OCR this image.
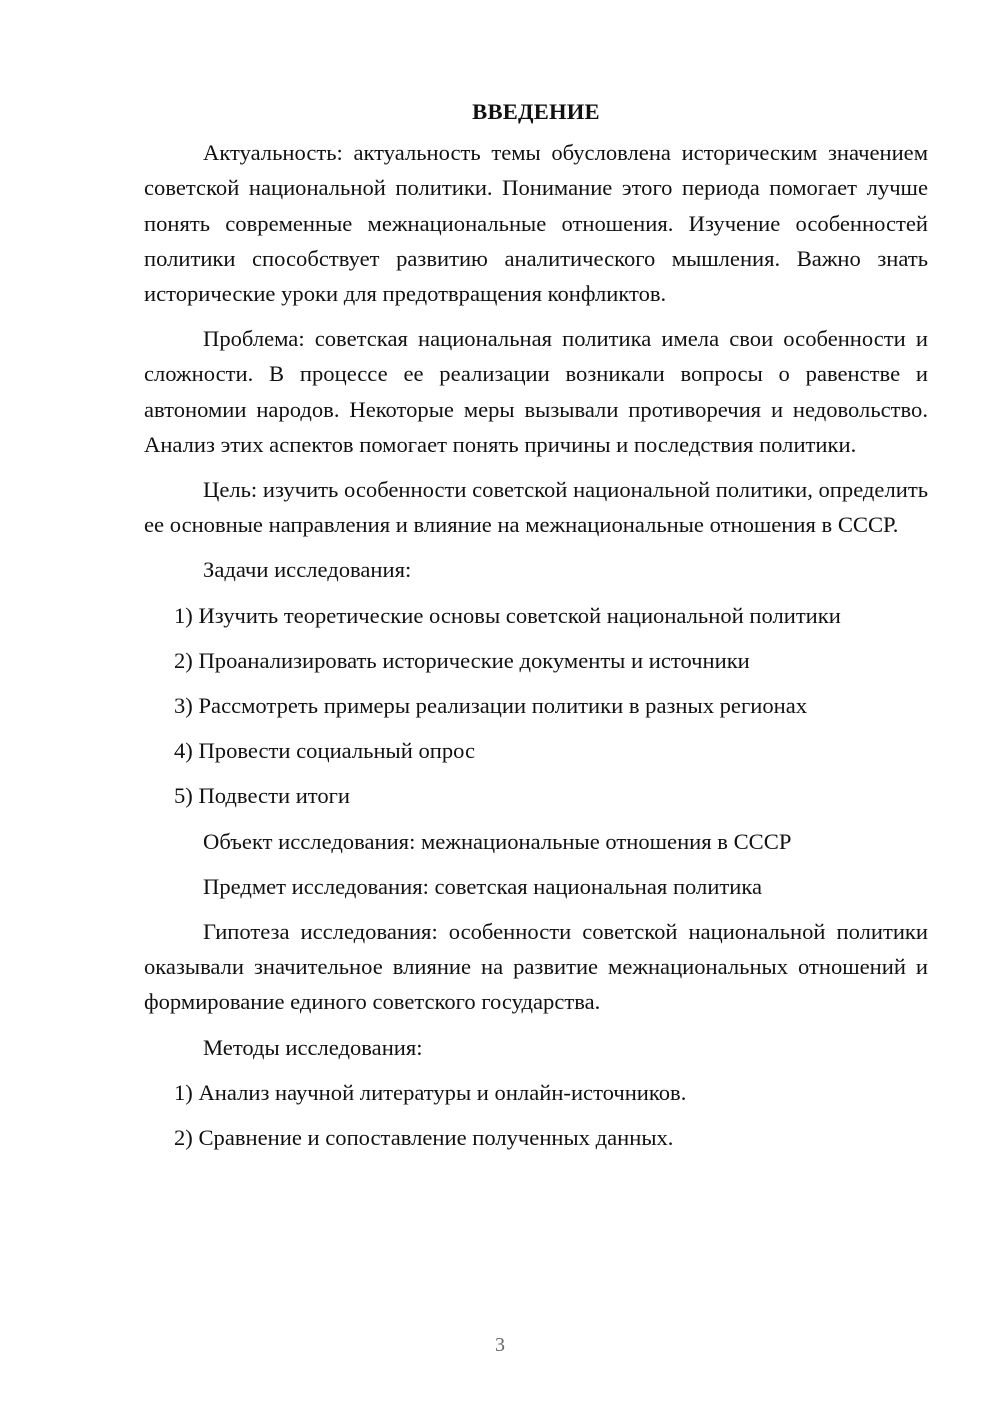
ВВЕДЕНИЕ

Актуальность: актуальность темы обусловлена историческим значением советской национальной политики. Понимание этого периода помогает лучше понять современные межнациональные отношения. Изучение особенностей политики способствует развитию аналитического мышления. Важно знать исторические уроки для предотвращения конфликтов.

Проблема: советская национальная политика имела свои особенности и сложности. В процессе ее реализации возникали вопросы о равенстве и автономии народов. Некоторые меры вызывали противоречия и недовольство. Анализ этих аспектов помогает понять причины и последствия политики.

Цель: изучить особенности советской национальной политики, определить ее основные направления и влияние на межнациональные отношения в СССР.

Задачи исследования:
1) Изучить теоретические основы советской национальной политики
2) Проанализировать исторические документы и источники
3) Рассмотреть примеры реализации политики в разных регионах
4) Провести социальный опрос
5) Подвести итоги
Объект исследования: межнациональные отношения в СССР
Предмет исследования: советская национальная политика

Гипотеза исследования: особенности советской национальной политики оказывали значительное влияние на развитие межнациональных отношений и формирование единого советского государства.

Методы исследования:
1) Анализ научной литературы и онлайн-источников.
2) Сравнение и сопоставление полученных данных.
3
